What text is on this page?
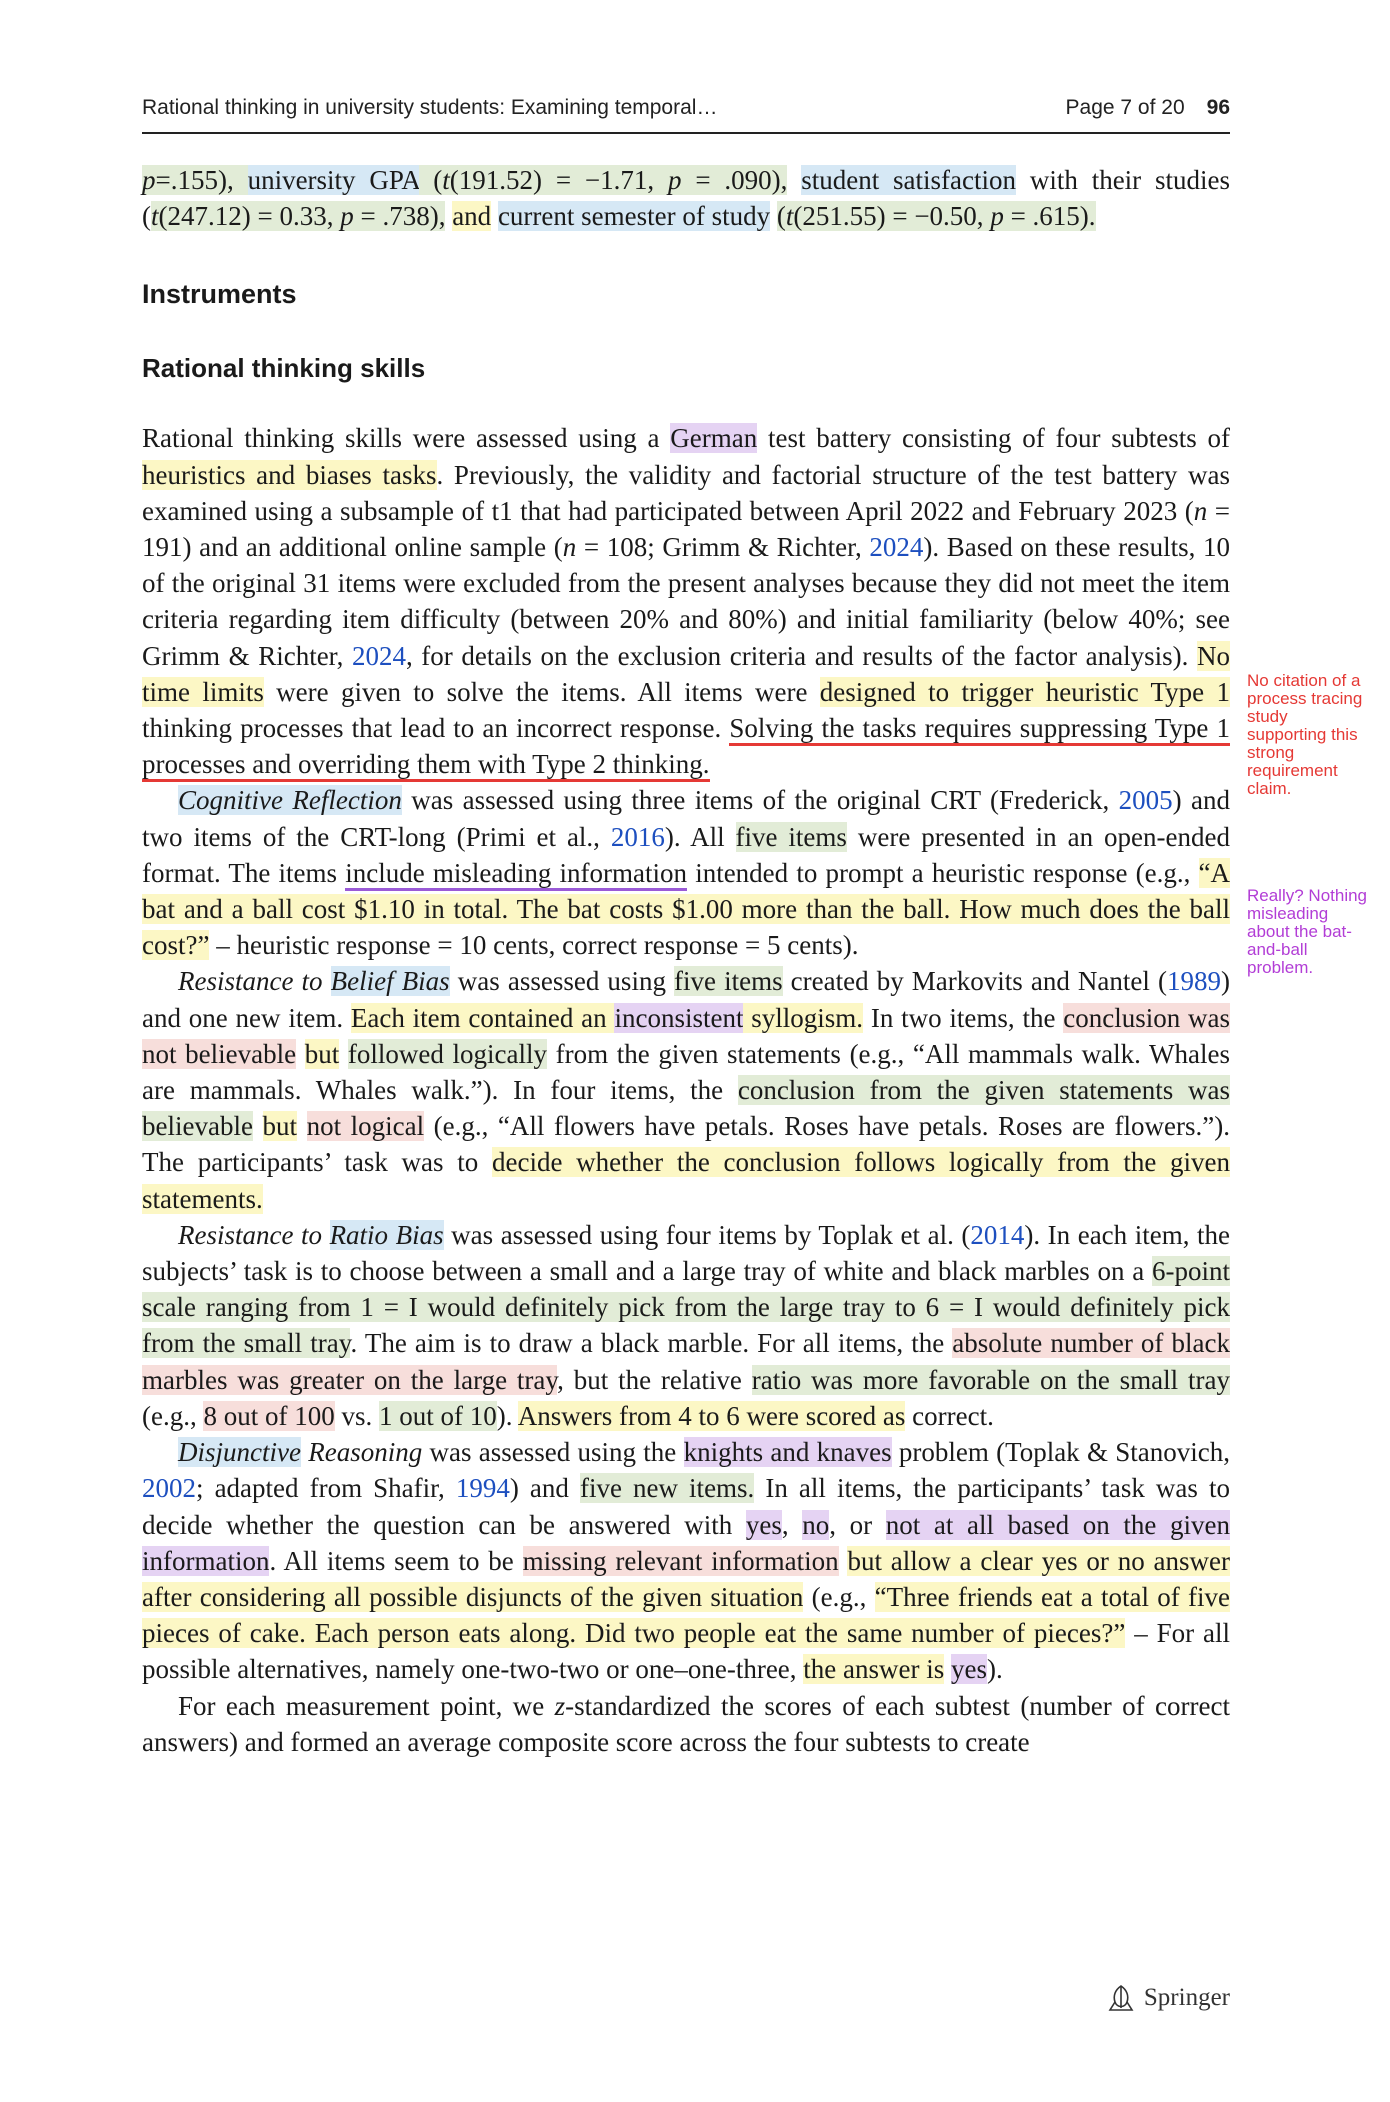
Rational thinking in university students: Examining temporal…	Page 7 of 20 96

p=.155), university GPA (t(191.52) = −1.71, p = .090), student satisfaction with their studies (t(247.12) = 0.33, p = .738), and current semester of study (t(251.55) = −0.50, p = .615).

Instruments
Rational thinking skills

Rational thinking skills were assessed using a German test battery consisting of four subtests of heuristics and biases tasks. Previously, the validity and factorial structure of the test battery was examined using a subsample of t1 that had participated between April 2022 and February 2023 (n = 191) and an additional online sample (n = 108; Grimm & Richter, 2024). Based on these results, 10 of the original 31 items were excluded from the present analyses because they did not meet the item criteria regarding item difficulty (between 20% and 80%) and initial familiarity (below 40%; see Grimm & Richter, 2024, for details on the exclusion criteria and results of the factor analysis). No time limits were given to solve the items. All items were designed to trigger heuristic Type 1 thinking processes that lead to an incorrect response. Solving the tasks requires suppressing Type 1 processes and overriding them with Type 2 thinking.

Cognitive Reflection was assessed using three items of the original CRT (Frederick, 2005) and two items of the CRT-long (Primi et al., 2016). All five items were presented in an open-ended format. The items include misleading information intended to prompt a heuristic response (e.g., “A bat and a ball cost $1.10 in total. The bat costs $1.00 more than the ball. How much does the ball cost?” – heuristic response = 10 cents, correct response = 5 cents).

Resistance to Belief Bias was assessed using five items created by Markovits and Nantel (1989) and one new item. Each item contained an inconsistent syllogism. In two items, the conclusion was not believable but followed logically from the given statements (e.g., “All mammals walk. Whales are mammals. Whales walk.”). In four items, the conclusion from the given statements was believable but not logical (e.g., “All flowers have petals. Roses have petals. Roses are flowers.”). The participants’ task was to decide whether the conclusion follows logically from the given statements.

Resistance to Ratio Bias was assessed using four items by Toplak et al. (2014). In each item, the subjects’ task is to choose between a small and a large tray of white and black marbles on a 6-point scale ranging from 1 = I would definitely pick from the large tray to 6 = I would definitely pick from the small tray. The aim is to draw a black marble. For all items, the absolute number of black marbles was greater on the large tray, but the relative ratio was more favorable on the small tray (e.g., 8 out of 100 vs. 1 out of 10). Answers from 4 to 6 were scored as correct.

Disjunctive Reasoning was assessed using the knights and knaves problem (Toplak & Stanovich, 2002; adapted from Shafir, 1994) and five new items. In all items, the participants’ task was to decide whether the question can be answered with yes, no, or not at all based on the given information. All items seem to be missing relevant information but allow a clear yes or no answer after considering all possible disjuncts of the given situation (e.g., “Three friends eat a total of five pieces of cake. Each person eats along. Did two people eat the same number of pieces?” – For all possible alternatives, namely one-two-two or one–one-three, the answer is yes).

For each measurement point, we z-standardized the scores of each subtest (number of correct answers) and formed an average composite score across the four subtests to create

No citation of a process tracing study supporting this strong requirement claim.
Really? Nothing misleading about the bat-and-ball problem.
Springer
